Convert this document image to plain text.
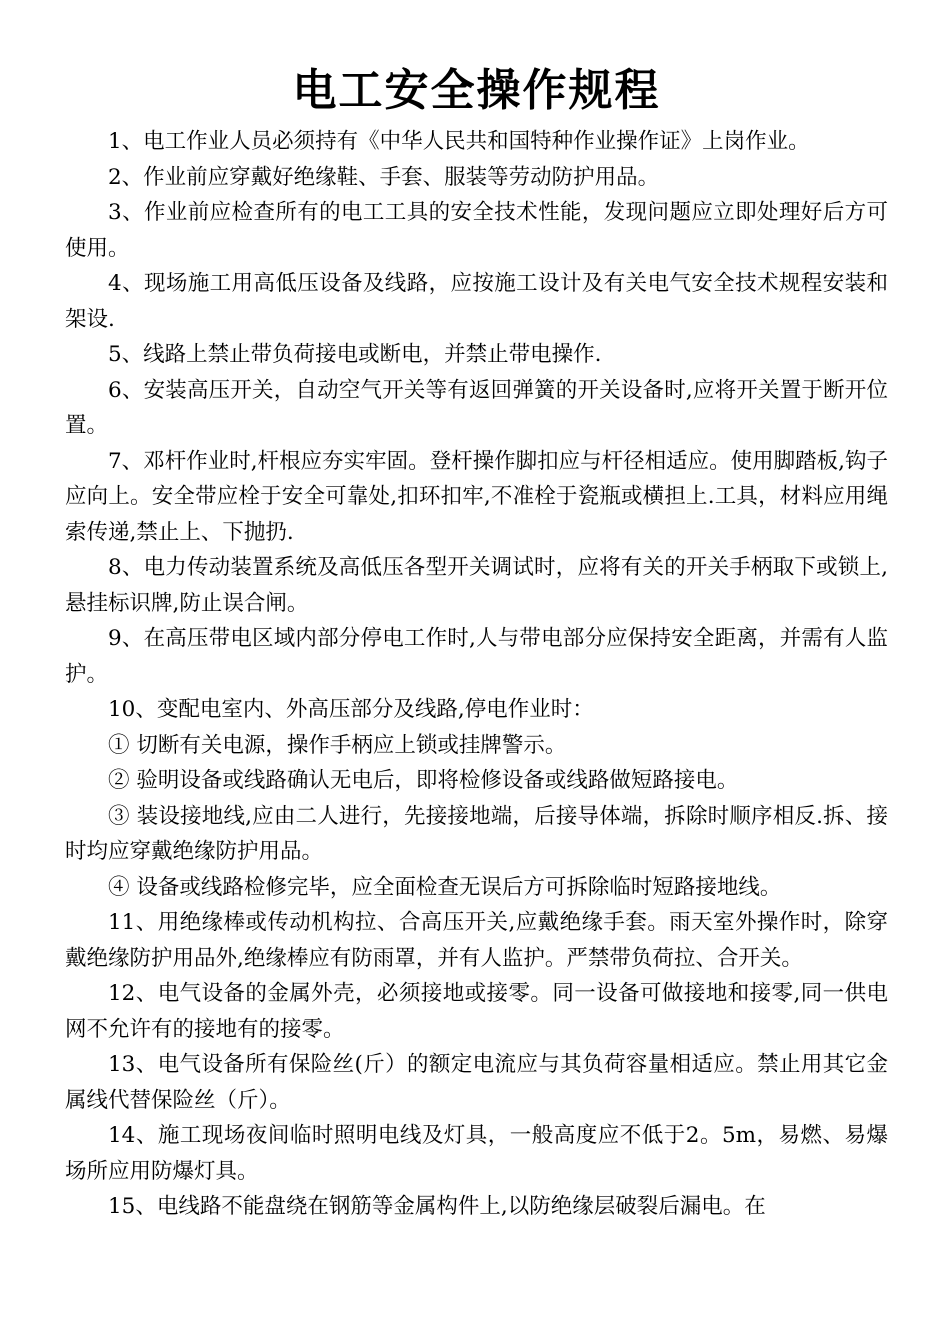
电工安全操作规程

1、电工作业人员必须持有《中华人民共和国特种作业操作证》上岗作业。

2、作业前应穿戴好绝缘鞋、手套、服装等劳动防护用品。

3、作业前应检查所有的电工工具的安全技术性能，发现问题应立即处理好后方可使用。

4、现场施工用高低压设备及线路，应按施工设计及有关电气安全技术规程安装和架设.

5、线路上禁止带负荷接电或断电，并禁止带电操作.

6、安装高压开关，自动空气开关等有返回弹簧的开关设备时,应将开关置于断开位置。

7、邓杆作业时,杆根应夯实牢固。登杆操作脚扣应与杆径相适应。使用脚踏板,钩子应向上。安全带应栓于安全可靠处,扣环扣牢,不准栓于瓷瓶或横担上.工具，材料应用绳索传递,禁止上、下抛扔.

8、电力传动装置系统及高低压各型开关调试时，应将有关的开关手柄取下或锁上,悬挂标识牌,防止误合闸。

9、在高压带电区域内部分停电工作时,人与带电部分应保持安全距离，并需有人监护。

10、变配电室内、外高压部分及线路,停电作业时：

① 切断有关电源，操作手柄应上锁或挂牌警示。

② 验明设备或线路确认无电后，即将检修设备或线路做短路接电。

③ 装设接地线,应由二人进行，先接接地端，后接导体端，拆除时顺序相反.拆、接时均应穿戴绝缘防护用品。

④ 设备或线路检修完毕，应全面检查无误后方可拆除临时短路接地线。

11、用绝缘棒或传动机构拉、合高压开关,应戴绝缘手套。雨天室外操作时，除穿戴绝缘防护用品外,绝缘棒应有防雨罩，并有人监护。严禁带负荷拉、合开关。

12、电气设备的金属外壳，必须接地或接零。同一设备可做接地和接零,同一供电网不允许有的接地有的接零。

13、电气设备所有保险丝(斤）的额定电流应与其负荷容量相适应。禁止用其它金属线代替保险丝（斤）。

14、施工现场夜间临时照明电线及灯具，一般高度应不低于2。5m，易燃、易爆场所应用防爆灯具。

15、电线路不能盘绕在钢筋等金属构件上,以防绝缘层破裂后漏电。在
